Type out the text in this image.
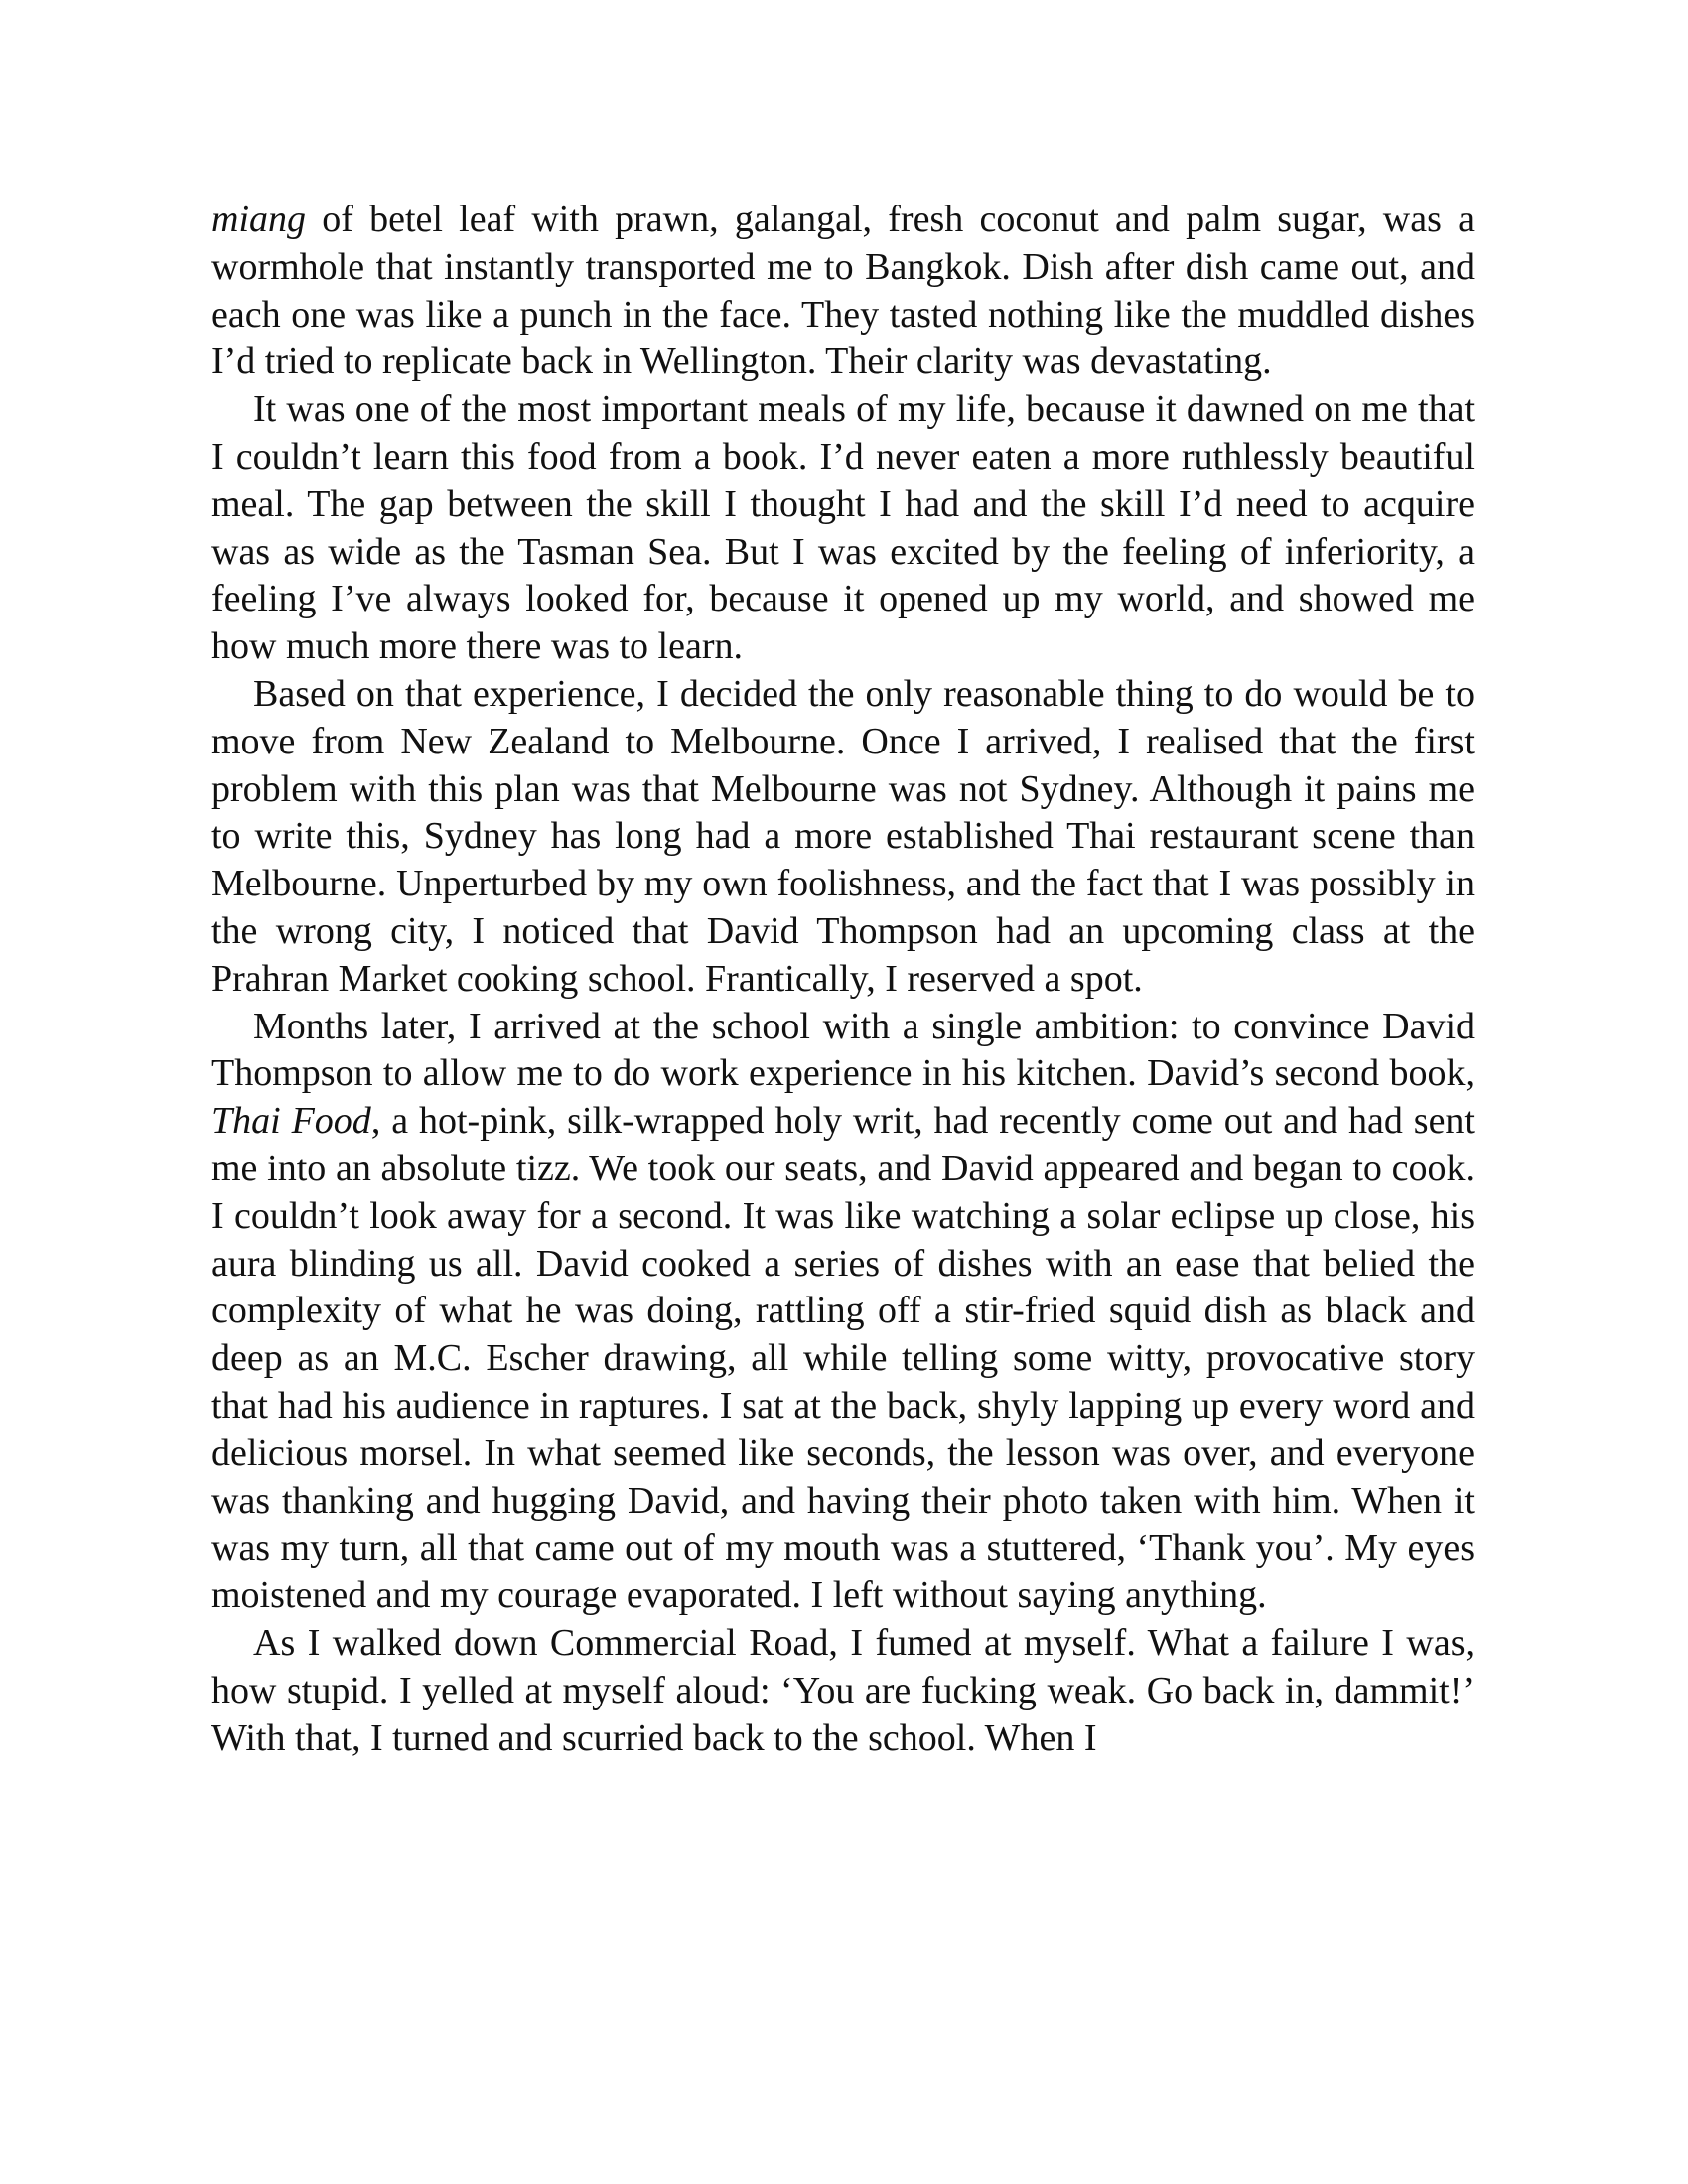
miang of betel leaf with prawn, galangal, fresh coconut and palm sugar, was a wormhole that instantly transported me to Bangkok. Dish after dish came out, and each one was like a punch in the face. They tasted nothing like the muddled dishes I’d tried to replicate back in Wellington. Their clarity was devastating.

It was one of the most important meals of my life, because it dawned on me that I couldn’t learn this food from a book. I’d never eaten a more ruthlessly beautiful meal. The gap between the skill I thought I had and the skill I’d need to acquire was as wide as the Tasman Sea. But I was excited by the feeling of inferiority, a feeling I’ve always looked for, because it opened up my world, and showed me how much more there was to learn.

Based on that experience, I decided the only reasonable thing to do would be to move from New Zealand to Melbourne. Once I arrived, I realised that the first problem with this plan was that Melbourne was not Sydney. Although it pains me to write this, Sydney has long had a more established Thai restaurant scene than Melbourne. Unperturbed by my own foolishness, and the fact that I was possibly in the wrong city, I noticed that David Thompson had an upcoming class at the Prahran Market cooking school. Frantically, I reserved a spot.

Months later, I arrived at the school with a single ambition: to convince David Thompson to allow me to do work experience in his kitchen. David’s second book, Thai Food, a hot-pink, silk-wrapped holy writ, had recently come out and had sent me into an absolute tizz. We took our seats, and David appeared and began to cook. I couldn’t look away for a second. It was like watching a solar eclipse up close, his aura blinding us all. David cooked a series of dishes with an ease that belied the complexity of what he was doing, rattling off a stir-fried squid dish as black and deep as an M.C. Escher drawing, all while telling some witty, provocative story that had his audience in raptures. I sat at the back, shyly lapping up every word and delicious morsel. In what seemed like seconds, the lesson was over, and everyone was thanking and hugging David, and having their photo taken with him. When it was my turn, all that came out of my mouth was a stuttered, ‘Thank you’. My eyes moistened and my courage evaporated. I left without saying anything.

As I walked down Commercial Road, I fumed at myself. What a failure I was, how stupid. I yelled at myself aloud: ‘You are fucking weak. Go back in, dammit!’ With that, I turned and scurried back to the school. When I
